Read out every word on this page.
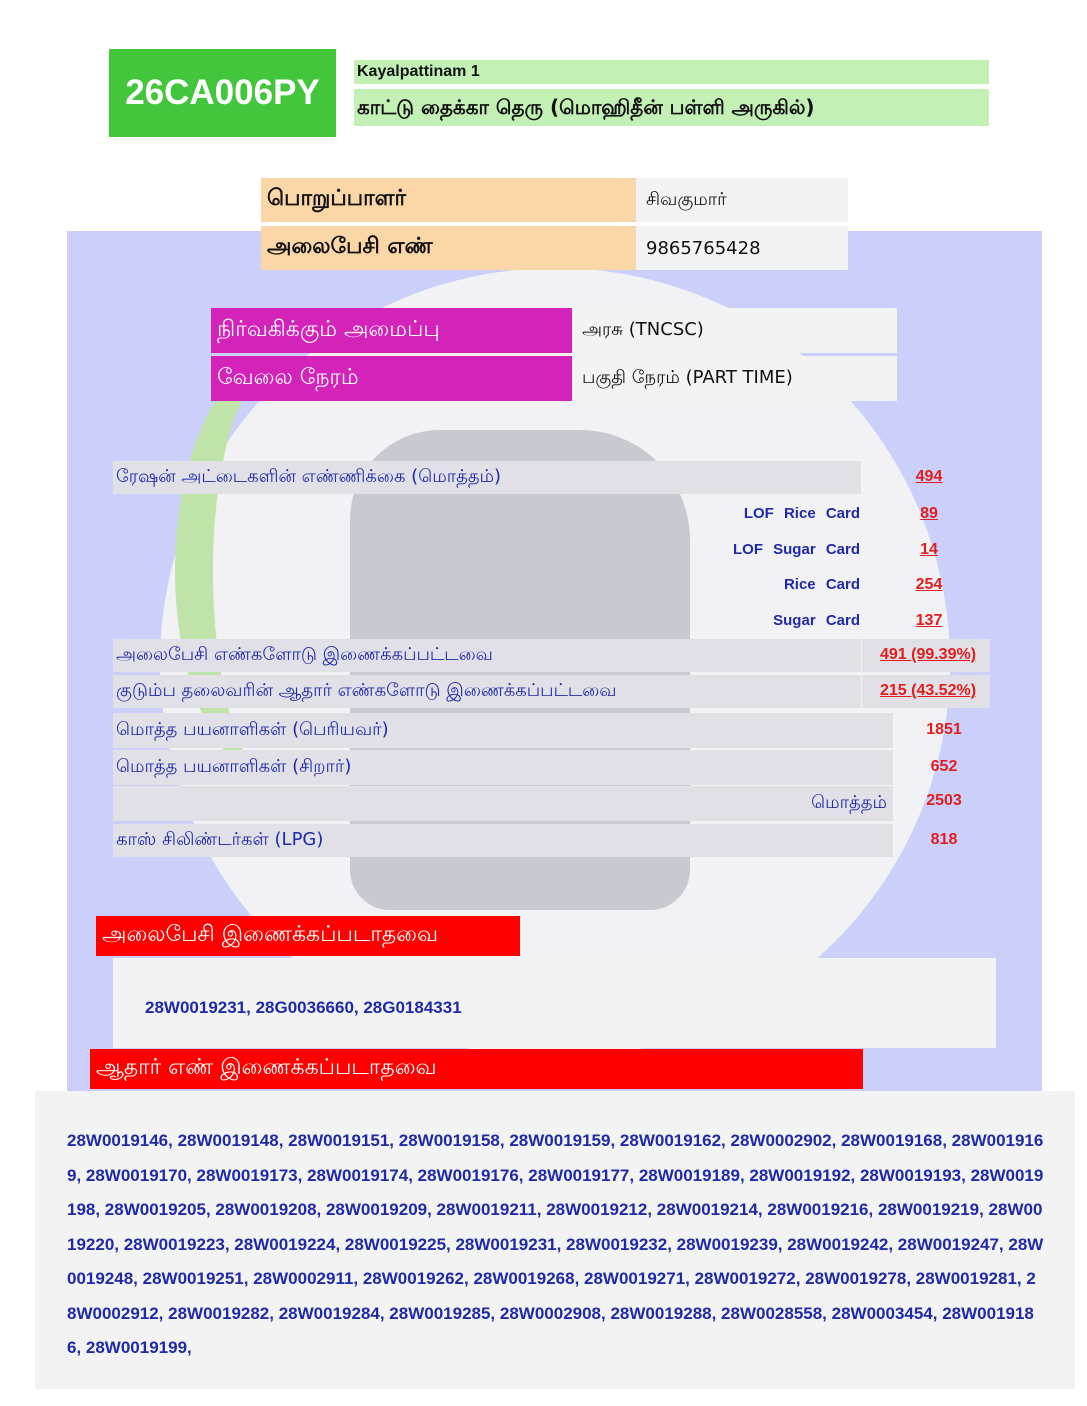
26CA006PY
Kayalpattinam 1
காட்டு தைக்கா தெரு (மொஹிதீன் பள்ளி அருகில்)
பொறுப்பாளர்	சிவகுமார்
அலைபேசி எண்	9865765428
நிர்வகிக்கும் அமைப்பு	அரசு (TNCSC)
வேலை நேரம்	பகுதி நேரம் (PART TIME)
ரேஷன் அட்டைகளின் எண்ணிக்கை (மொத்தம்)	494
LOF Rice Card	89
LOF Sugar Card	14
Rice Card	254
Sugar Card	137
அலைபேசி எண்களோடு இணைக்கப்பட்டவை	491 (99.39%)
குடும்ப தலைவரின் ஆதார் எண்களோடு இணைக்கப்பட்டவை	215 (43.52%)
மொத்த பயனாளிகள் (பெரியவர்)	1851
மொத்த பயனாளிகள் (சிறார்)	652
மொத்தம்	2503
காஸ் சிலிண்டர்கள் (LPG)	818
அலைபேசி இணைக்கப்படாதவை
28W0019231, 28G0036660, 28G0184331
ஆதார் எண் இணைக்கப்படாதவை
28W0019146, 28W0019148, 28W0019151, 28W0019158, 28W0019159, 28W0019162, 28W0002902, 28W0019168, 28W0019169, 28W0019170, 28W0019173, 28W0019174, 28W0019176, 28W0019177, 28W0019189, 28W0019192, 28W0019193, 28W0019198, 28W0019205, 28W0019208, 28W0019209, 28W0019211, 28W0019212, 28W0019214, 28W0019216, 28W0019219, 28W0019220, 28W0019223, 28W0019224, 28W0019225, 28W0019231, 28W0019232, 28W0019239, 28W0019242, 28W0019247, 28W0019248, 28W0019251, 28W0002911, 28W0019262, 28W0019268, 28W0019271, 28W0019272, 28W0019278, 28W0019281, 28W0002912, 28W0019282, 28W0019284, 28W0019285, 28W0002908, 28W0019288, 28W0028558, 28W0003454, 28W0019186, 28W0019199,
